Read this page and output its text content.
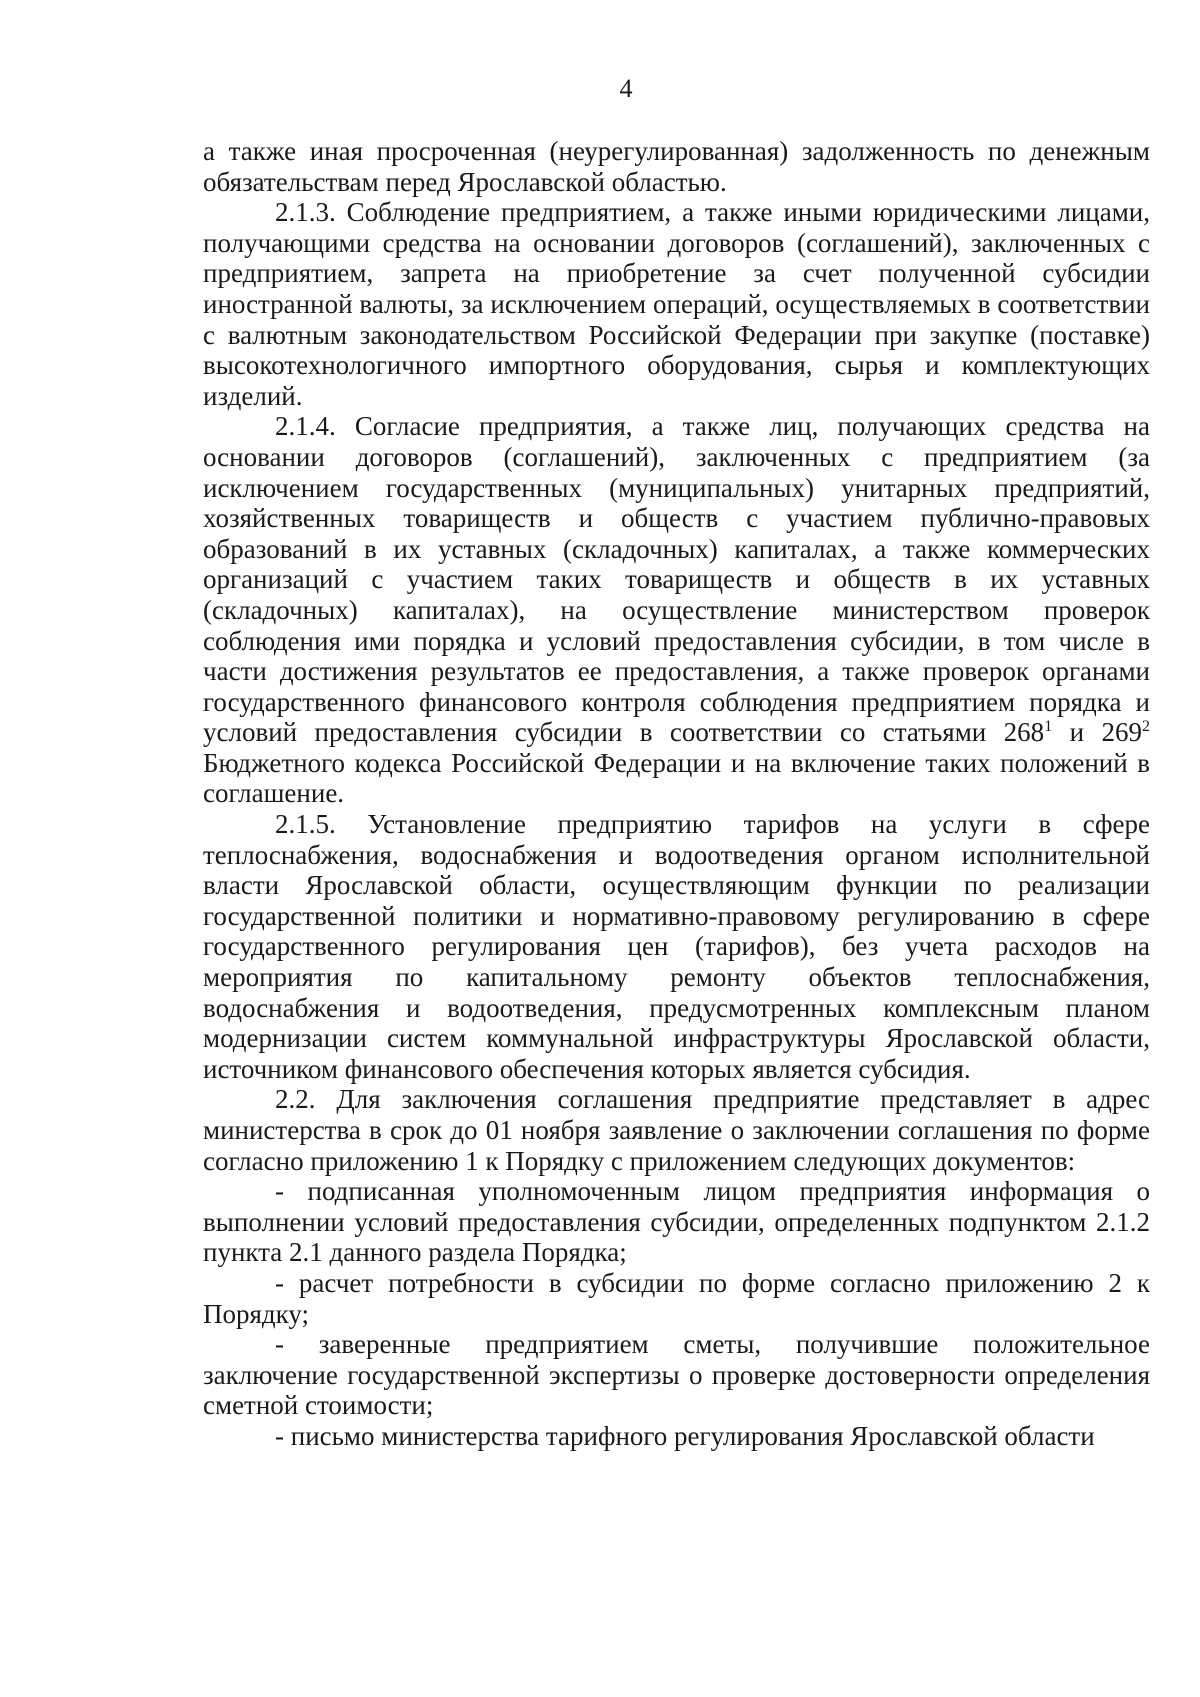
4

а также иная просроченная (неурегулированная) задолженность по денежным обязательствам перед Ярославской областью.

2.1.3. Соблюдение предприятием, а также иными юридическими лицами, получающими средства на основании договоров (соглашений), заключенных с предприятием, запрета на приобретение за счет полученной субсидии иностранной валюты, за исключением операций, осуществляемых в соответствии с валютным законодательством Российской Федерации при закупке (поставке) высокотехнологичного импортного оборудования, сырья и комплектующих изделий.

2.1.4. Согласие предприятия, а также лиц, получающих средства на основании договоров (соглашений), заключенных с предприятием (за исключением государственных (муниципальных) унитарных предприятий, хозяйственных товариществ и обществ с участием публично-правовых образований в их уставных (складочных) капиталах, а также коммерческих организаций с участием таких товариществ и обществ в их уставных (складочных) капиталах), на осуществление министерством проверок соблюдения ими порядка и условий предоставления субсидии, в том числе в части достижения результатов ее предоставления, а также проверок органами государственного финансового контроля соблюдения предприятием порядка и условий предоставления субсидии в соответствии со статьями $268^1$ и $269^2$ Бюджетного кодекса Российской Федерации и на включение таких положений в соглашение.

2.1.5. Установление предприятию тарифов на услуги в сфере теплоснабжения, водоснабжения и водоотведения органом исполнительной власти Ярославской области, осуществляющим функции по реализации государственной политики и нормативно-правовому регулированию в сфере государственного регулирования цен (тарифов), без учета расходов на мероприятия по капитальному ремонту объектов теплоснабжения, водоснабжения и водоотведения, предусмотренных комплексным планом модернизации систем коммунальной инфраструктуры Ярославской области, источником финансового обеспечения которых является субсидия.

2.2. Для заключения соглашения предприятие представляет в адрес министерства в срок до 01 ноября заявление о заключении соглашения по форме согласно приложению 1 к Порядку с приложением следующих документов:

- подписанная уполномоченным лицом предприятия информация о выполнении условий предоставления субсидии, определенных подпунктом 2.1.2 пункта 2.1 данного раздела Порядка;

- расчет потребности в субсидии по форме согласно приложению 2 к Порядку;

- заверенные предприятием сметы, получившие положительное заключение государственной экспертизы о проверке достоверности определения сметной стоимости;

- письмо министерства тарифного регулирования Ярославской области
